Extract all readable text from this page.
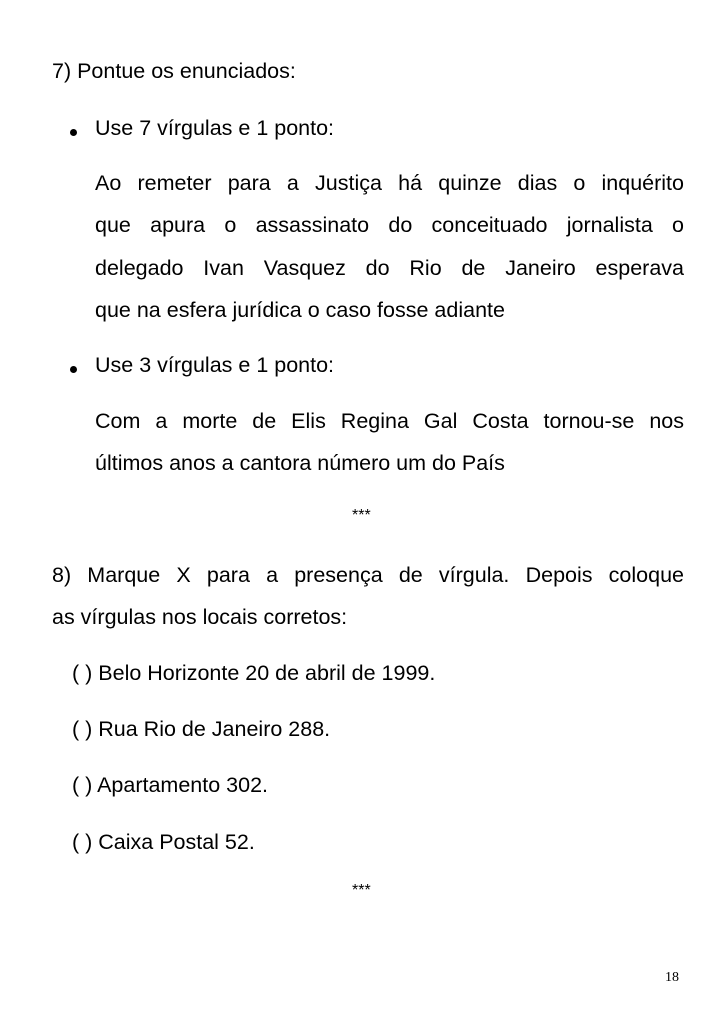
7) Pontue os enunciados:
Use 7 vírgulas e 1 ponto:
Ao remeter para a Justiça há quinze dias o inquérito
que apura o assassinato do conceituado jornalista o
delegado Ivan Vasquez do Rio de Janeiro esperava
que na esfera jurídica o caso fosse adiante
Use 3 vírgulas e 1 ponto:
Com a morte de Elis Regina Gal Costa tornou-se nos
últimos anos a cantora número um do País
***
8) Marque X para a presença de vírgula. Depois coloque
as vírgulas nos locais corretos:
( ) Belo Horizonte 20 de abril de 1999.
( ) Rua Rio de Janeiro 288.
( ) Apartamento 302.
( ) Caixa Postal 52.
***
18
